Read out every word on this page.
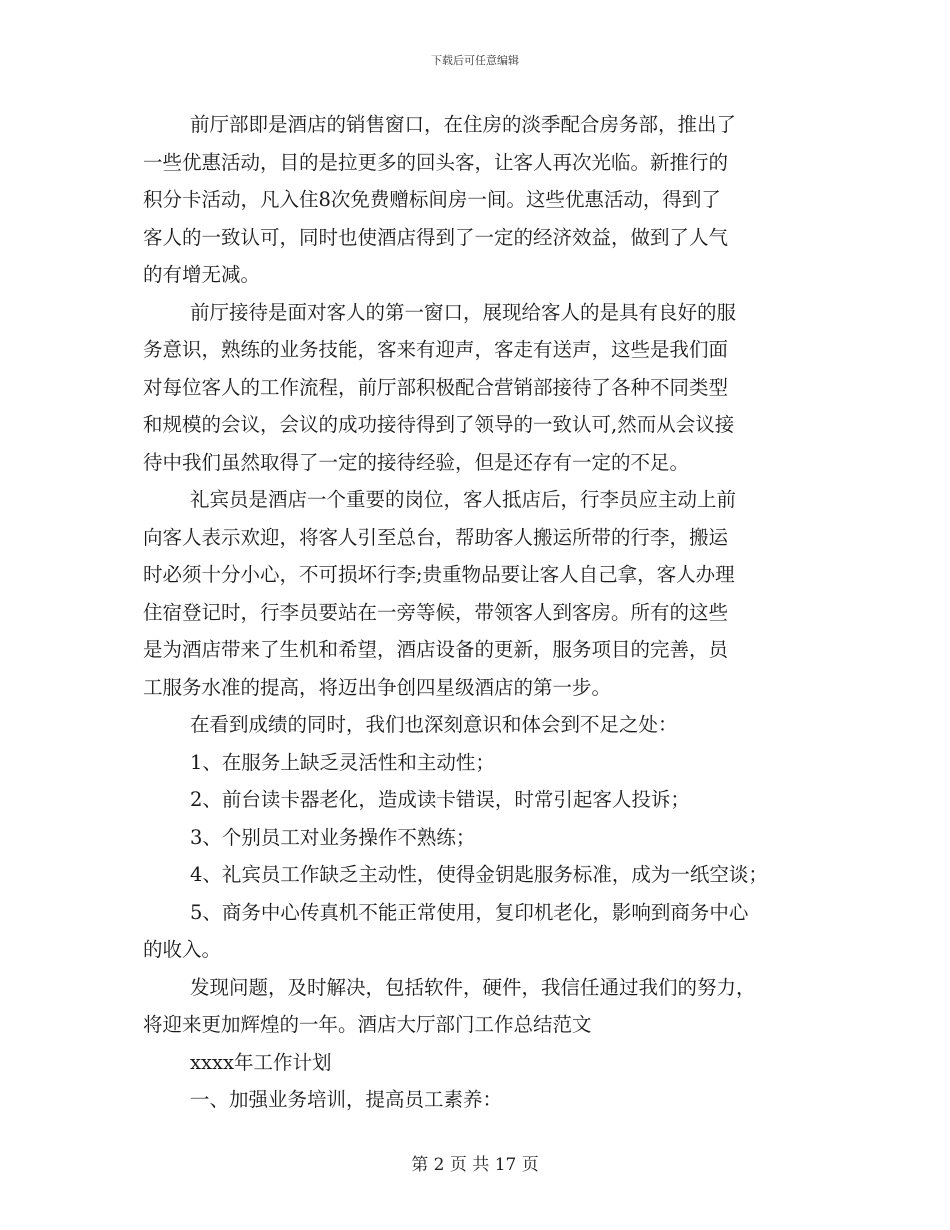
下载后可任意编辑
前厅部即是酒店的销售窗口，在住房的淡季配合房务部，推出了
一些优惠活动，目的是拉更多的回头客，让客人再次光临。新推行的
积分卡活动，凡入住8次免费赠标间房一间。这些优惠活动，得到了
客人的一致认可，同时也使酒店得到了一定的经济效益，做到了人气
的有增无减。
前厅接待是面对客人的第一窗口，展现给客人的是具有良好的服
务意识，熟练的业务技能，客来有迎声，客走有送声，这些是我们面
对每位客人的工作流程，前厅部积极配合营销部接待了各种不同类型
和规模的会议，会议的成功接待得到了领导的一致认可,然而从会议接
待中我们虽然取得了一定的接待经验，但是还存有一定的不足。
礼宾员是酒店一个重要的岗位，客人抵店后，行李员应主动上前
向客人表示欢迎，将客人引至总台，帮助客人搬运所带的行李，搬运
时必须十分小心，不可损坏行李;贵重物品要让客人自己拿，客人办理
住宿登记时，行李员要站在一旁等候，带领客人到客房。所有的这些
是为酒店带来了生机和希望，酒店设备的更新，服务项目的完善，员
工服务水准的提高，将迈出争创四星级酒店的第一步。
在看到成绩的同时，我们也深刻意识和体会到不足之处：
1、在服务上缺乏灵活性和主动性；
2、前台读卡器老化，造成读卡错误，时常引起客人投诉；
3、个别员工对业务操作不熟练；
4、礼宾员工作缺乏主动性，使得金钥匙服务标准，成为一纸空谈；
5、商务中心传真机不能正常使用，复印机老化，影响到商务中心
的收入。
发现问题，及时解决，包括软件，硬件，我信任通过我们的努力，
将迎来更加辉煌的一年。酒店大厅部门工作总结范文
xxxx年工作计划
一、加强业务培训，提高员工素养：
第 2 页 共 17 页
